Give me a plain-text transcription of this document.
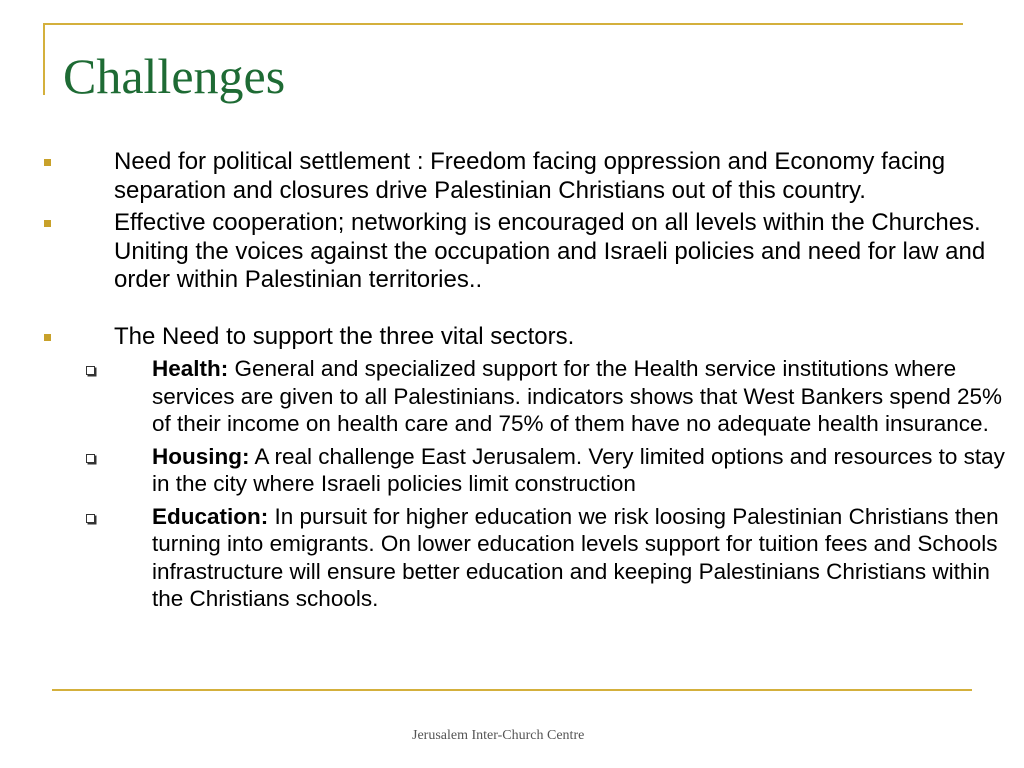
Challenges
Need for political settlement : Freedom facing oppression and Economy facing separation and closures drive Palestinian Christians out of this country.
Effective cooperation; networking is encouraged on all levels within the Churches. Uniting the voices against the occupation and Israeli policies and need for law and order within Palestinian territories..
The Need to support the three vital sectors.
Health: General and specialized support for the Health service institutions where services are given to all Palestinians. indicators shows that West Bankers spend 25% of their income on health care and 75% of them have no adequate health insurance.
Housing: A real challenge East Jerusalem. Very limited options and resources to stay in the city where Israeli policies limit construction
Education: In pursuit for higher education we risk loosing Palestinian Christians then turning into emigrants. On lower education levels support for tuition fees and Schools infrastructure will ensure better education and keeping Palestinians Christians within the Christians schools.
Jerusalem Inter-Church Centre
